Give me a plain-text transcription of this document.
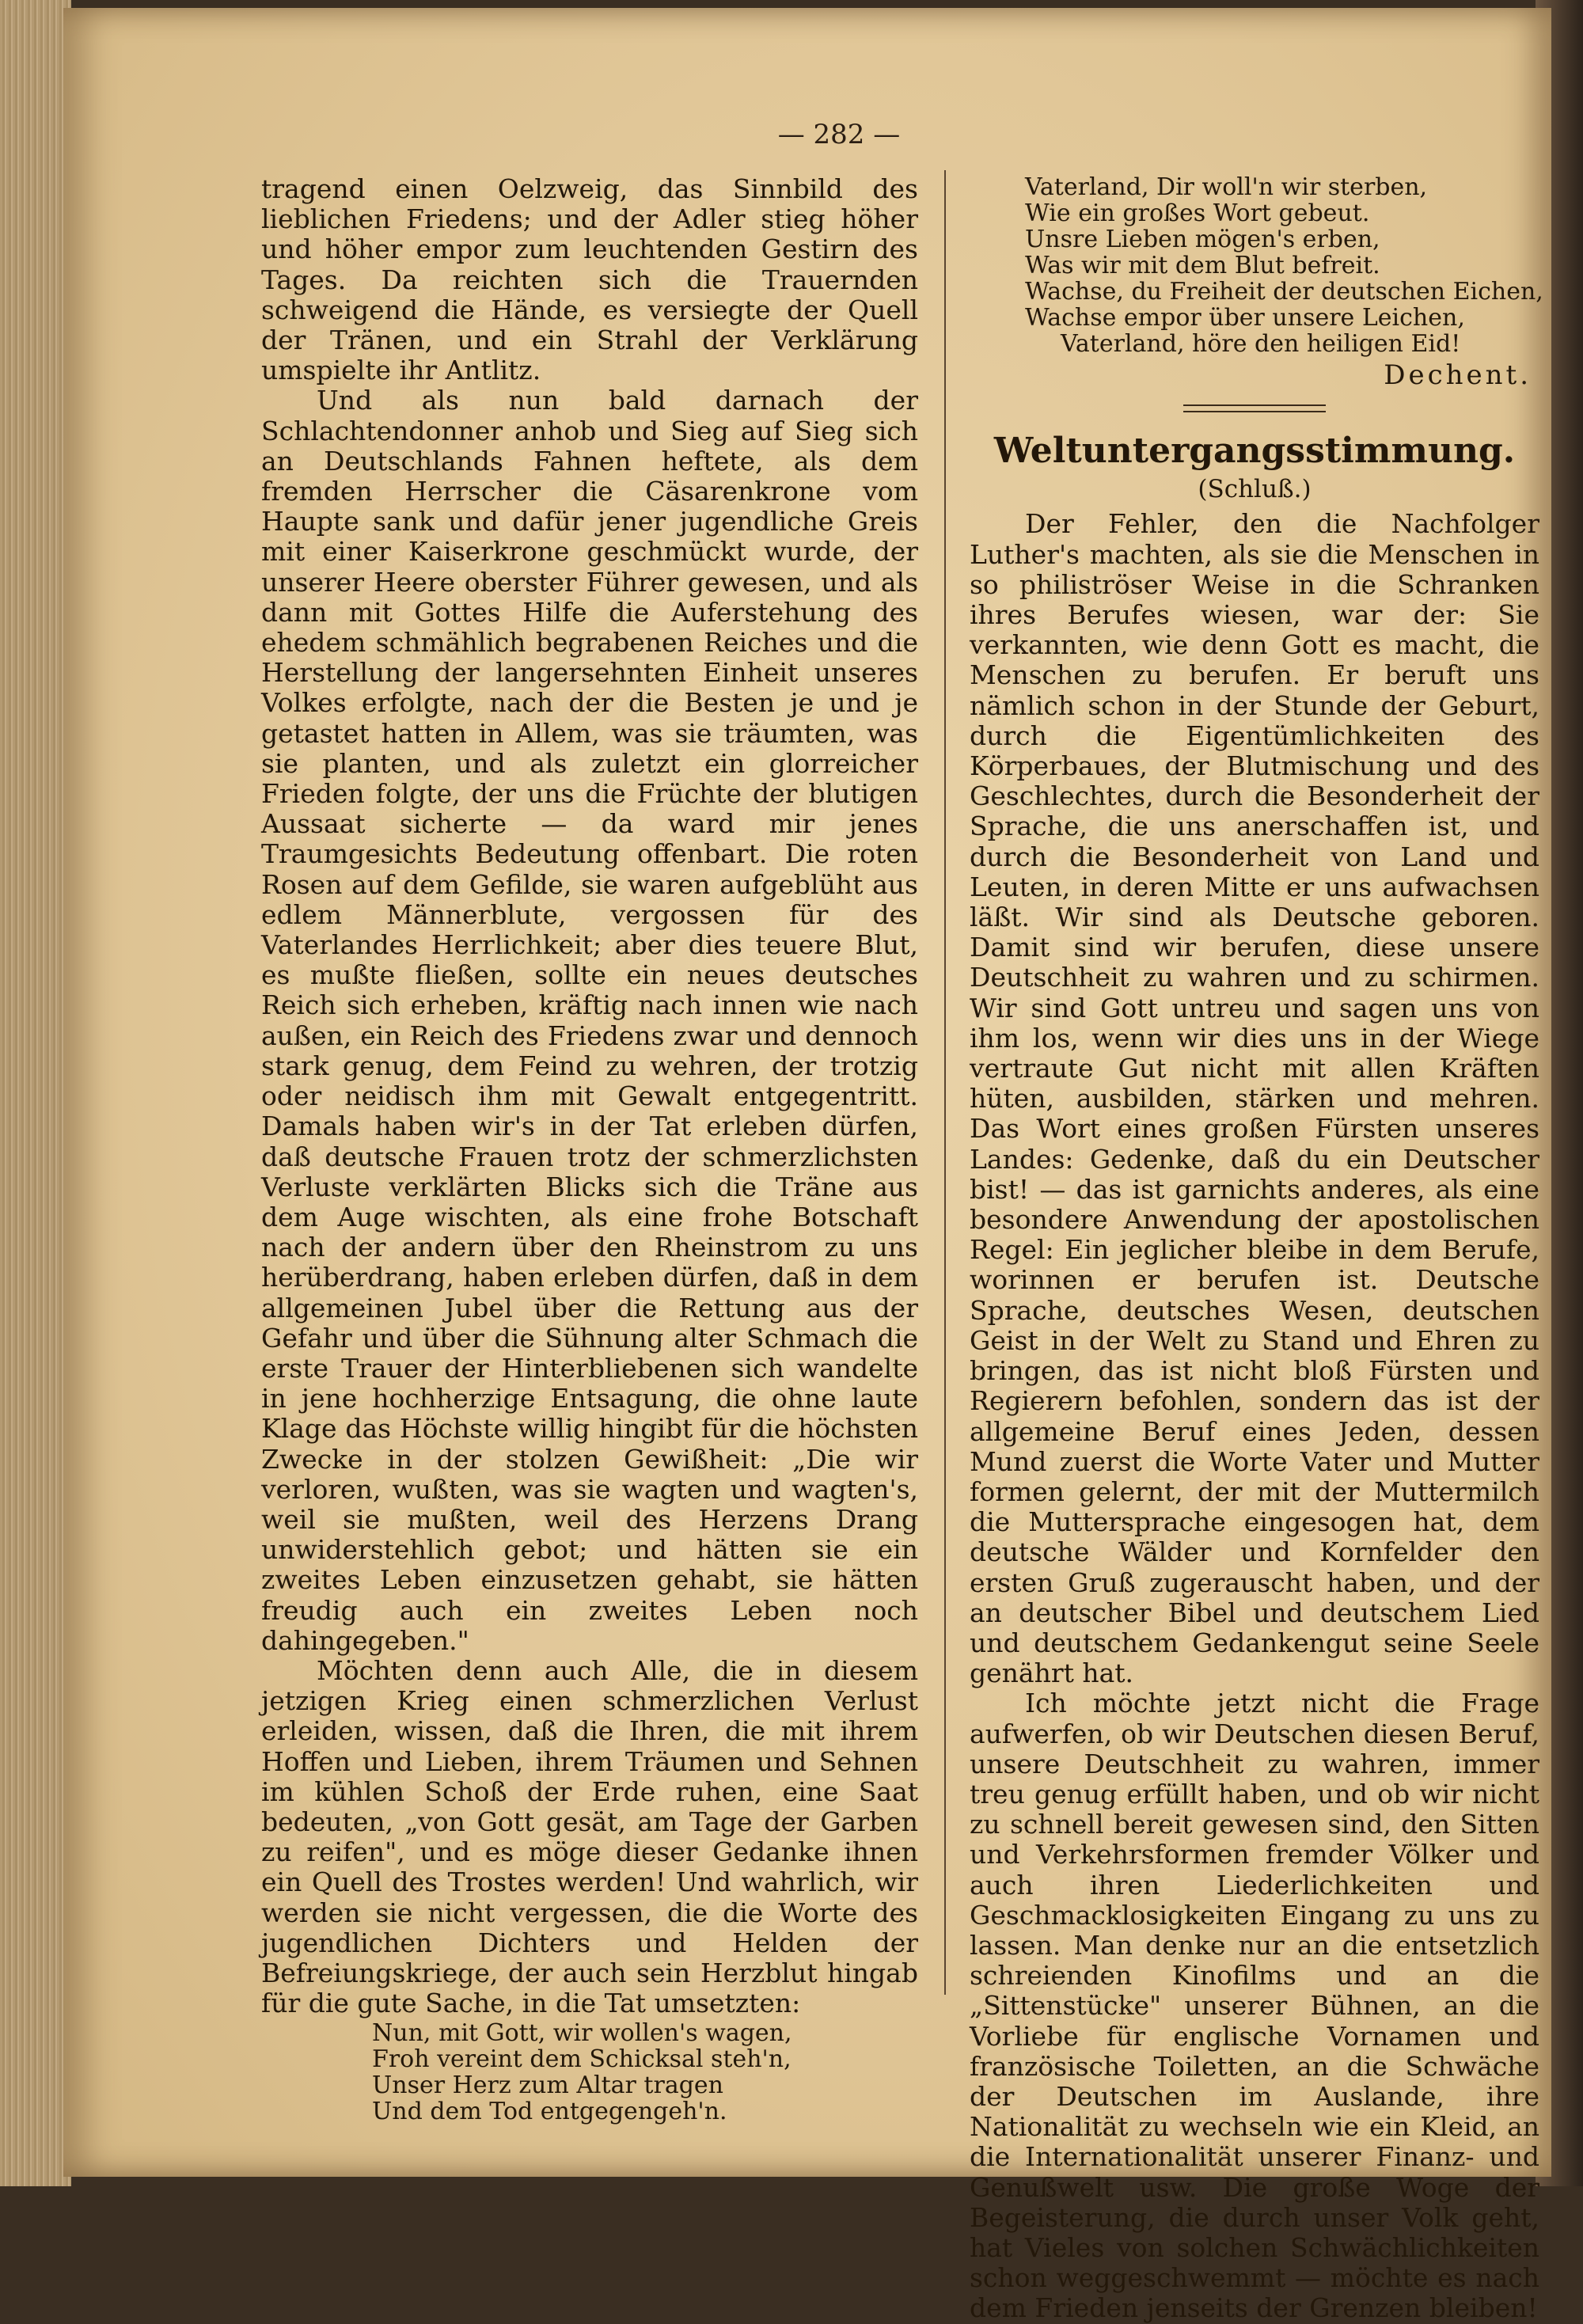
— 282 —

tragend einen Oelzweig, das Sinnbild des lieblichen Friedens; und der Adler stieg höher und höher empor zum leuchtenden Gestirn des Tages. Da reichten sich die Trauernden schweigend die Hände, es versiegte der Quell der Tränen, und ein Strahl der Verklärung umspielte ihr Antlitz.

Und als nun bald darnach der Schlachtendonner anhob und Sieg auf Sieg sich an Deutschlands Fahnen heftete, als dem fremden Herrscher die Cäsarenkrone vom Haupte sank und dafür jener jugendliche Greis mit einer Kaiserkrone geschmückt wurde, der unserer Heere oberster Führer gewesen, und als dann mit Gottes Hilfe die Auferstehung des ehedem schmählich begrabenen Reiches und die Herstellung der langersehnten Einheit unseres Volkes erfolgte, nach der die Besten je und je getastet hatten in Allem, was sie träumten, was sie planten, und als zuletzt ein glorreicher Frieden folgte, der uns die Früchte der blutigen Aussaat sicherte — da ward mir jenes Traumgesichts Bedeutung offenbart. Die roten Rosen auf dem Gefilde, sie waren aufgeblüht aus edlem Männerblute, vergossen für des Vaterlandes Herrlichkeit; aber dies teuere Blut, es mußte fließen, sollte ein neues deutsches Reich sich erheben, kräftig nach innen wie nach außen, ein Reich des Friedens zwar und dennoch stark genug, dem Feind zu wehren, der trotzig oder neidisch ihm mit Gewalt entgegentritt. Damals haben wir's in der Tat erleben dürfen, daß deutsche Frauen trotz der schmerzlichsten Verluste verklärten Blicks sich die Träne aus dem Auge wischten, als eine frohe Botschaft nach der andern über den Rheinstrom zu uns herüberdrang, haben erleben dürfen, daß in dem allgemeinen Jubel über die Rettung aus der Gefahr und über die Sühnung alter Schmach die erste Trauer der Hinterbliebenen sich wandelte in jene hochherzige Entsagung, die ohne laute Klage das Höchste willig hingibt für die höchsten Zwecke in der stolzen Gewißheit: „Die wir verloren, wußten, was sie wagten und wagten's, weil sie mußten, weil des Herzens Drang unwiderstehlich gebot; und hätten sie ein zweites Leben einzusetzen gehabt, sie hätten freudig auch ein zweites Leben noch dahingegeben."

Möchten denn auch Alle, die in diesem jetzigen Krieg einen schmerzlichen Verlust erleiden, wissen, daß die Ihren, die mit ihrem Hoffen und Lieben, ihrem Träumen und Sehnen im kühlen Schoß der Erde ruhen, eine Saat bedeuten, „von Gott gesät, am Tage der Garben zu reifen", und es möge dieser Gedanke ihnen ein Quell des Trostes werden! Und wahrlich, wir werden sie nicht vergessen, die die Worte des jugendlichen Dichters und Helden der Befreiungskriege, der auch sein Herzblut hingab für die gute Sache, in die Tat umsetzten:

Nun, mit Gott, wir wollen's wagen,
Froh vereint dem Schicksal steh'n,
Unser Herz zum Altar tragen
Und dem Tod entgegengeh'n.
Vaterland, Dir woll'n wir sterben,
Wie ein großes Wort gebeut.
Unsre Lieben mögen's erben,
Was wir mit dem Blut befreit.
Wachse, du Freiheit der deutschen Eichen,
Wachse empor über unsere Leichen,
Vaterland, höre den heiligen Eid!
Dechent.
Weltuntergangsstimmung.
(Schluß.)

Der Fehler, den die Nachfolger Luther's machten, als sie die Menschen in so philiströser Weise in die Schranken ihres Berufes wiesen, war der: Sie verkannten, wie denn Gott es macht, die Menschen zu berufen. Er beruft uns nämlich schon in der Stunde der Geburt, durch die Eigentümlichkeiten des Körperbaues, der Blutmischung und des Geschlechtes, durch die Besonderheit der Sprache, die uns anerschaffen ist, und durch die Besonderheit von Land und Leuten, in deren Mitte er uns aufwachsen läßt. Wir sind als Deutsche geboren. Damit sind wir berufen, diese unsere Deutschheit zu wahren und zu schirmen. Wir sind Gott untreu und sagen uns von ihm los, wenn wir dies uns in der Wiege vertraute Gut nicht mit allen Kräften hüten, ausbilden, stärken und mehren. Das Wort eines großen Fürsten unseres Landes: Gedenke, daß du ein Deutscher bist! — das ist garnichts anderes, als eine besondere Anwendung der apostolischen Regel: Ein jeglicher bleibe in dem Berufe, worinnen er berufen ist. Deutsche Sprache, deutsches Wesen, deutschen Geist in der Welt zu Stand und Ehren zu bringen, das ist nicht bloß Fürsten und Regierern befohlen, sondern das ist der allgemeine Beruf eines Jeden, dessen Mund zuerst die Worte Vater und Mutter formen gelernt, der mit der Muttermilch die Muttersprache eingesogen hat, dem deutsche Wälder und Kornfelder den ersten Gruß zugerauscht haben, und der an deutscher Bibel und deutschem Lied und deutschem Gedankengut seine Seele genährt hat.

Ich möchte jetzt nicht die Frage aufwerfen, ob wir Deutschen diesen Beruf, unsere Deutschheit zu wahren, immer treu genug erfüllt haben, und ob wir nicht zu schnell bereit gewesen sind, den Sitten und Verkehrsformen fremder Völker und auch ihren Liederlichkeiten und Geschmacklosigkeiten Eingang zu uns zu lassen. Man denke nur an die entsetzlich schreienden Kinofilms und an die „Sittenstücke" unserer Bühnen, an die Vorliebe für englische Vornamen und französische Toiletten, an die Schwäche der Deutschen im Auslande, ihre Nationalität zu wechseln wie ein Kleid, an die Internationalität unserer Finanz- und Genußwelt usw. Die große Woge der Begeisterung, die durch unser Volk geht, hat Vieles von solchen Schwächlichkeiten schon weggeschwemmt — möchte es nach dem Frieden jenseits der Grenzen bleiben!
